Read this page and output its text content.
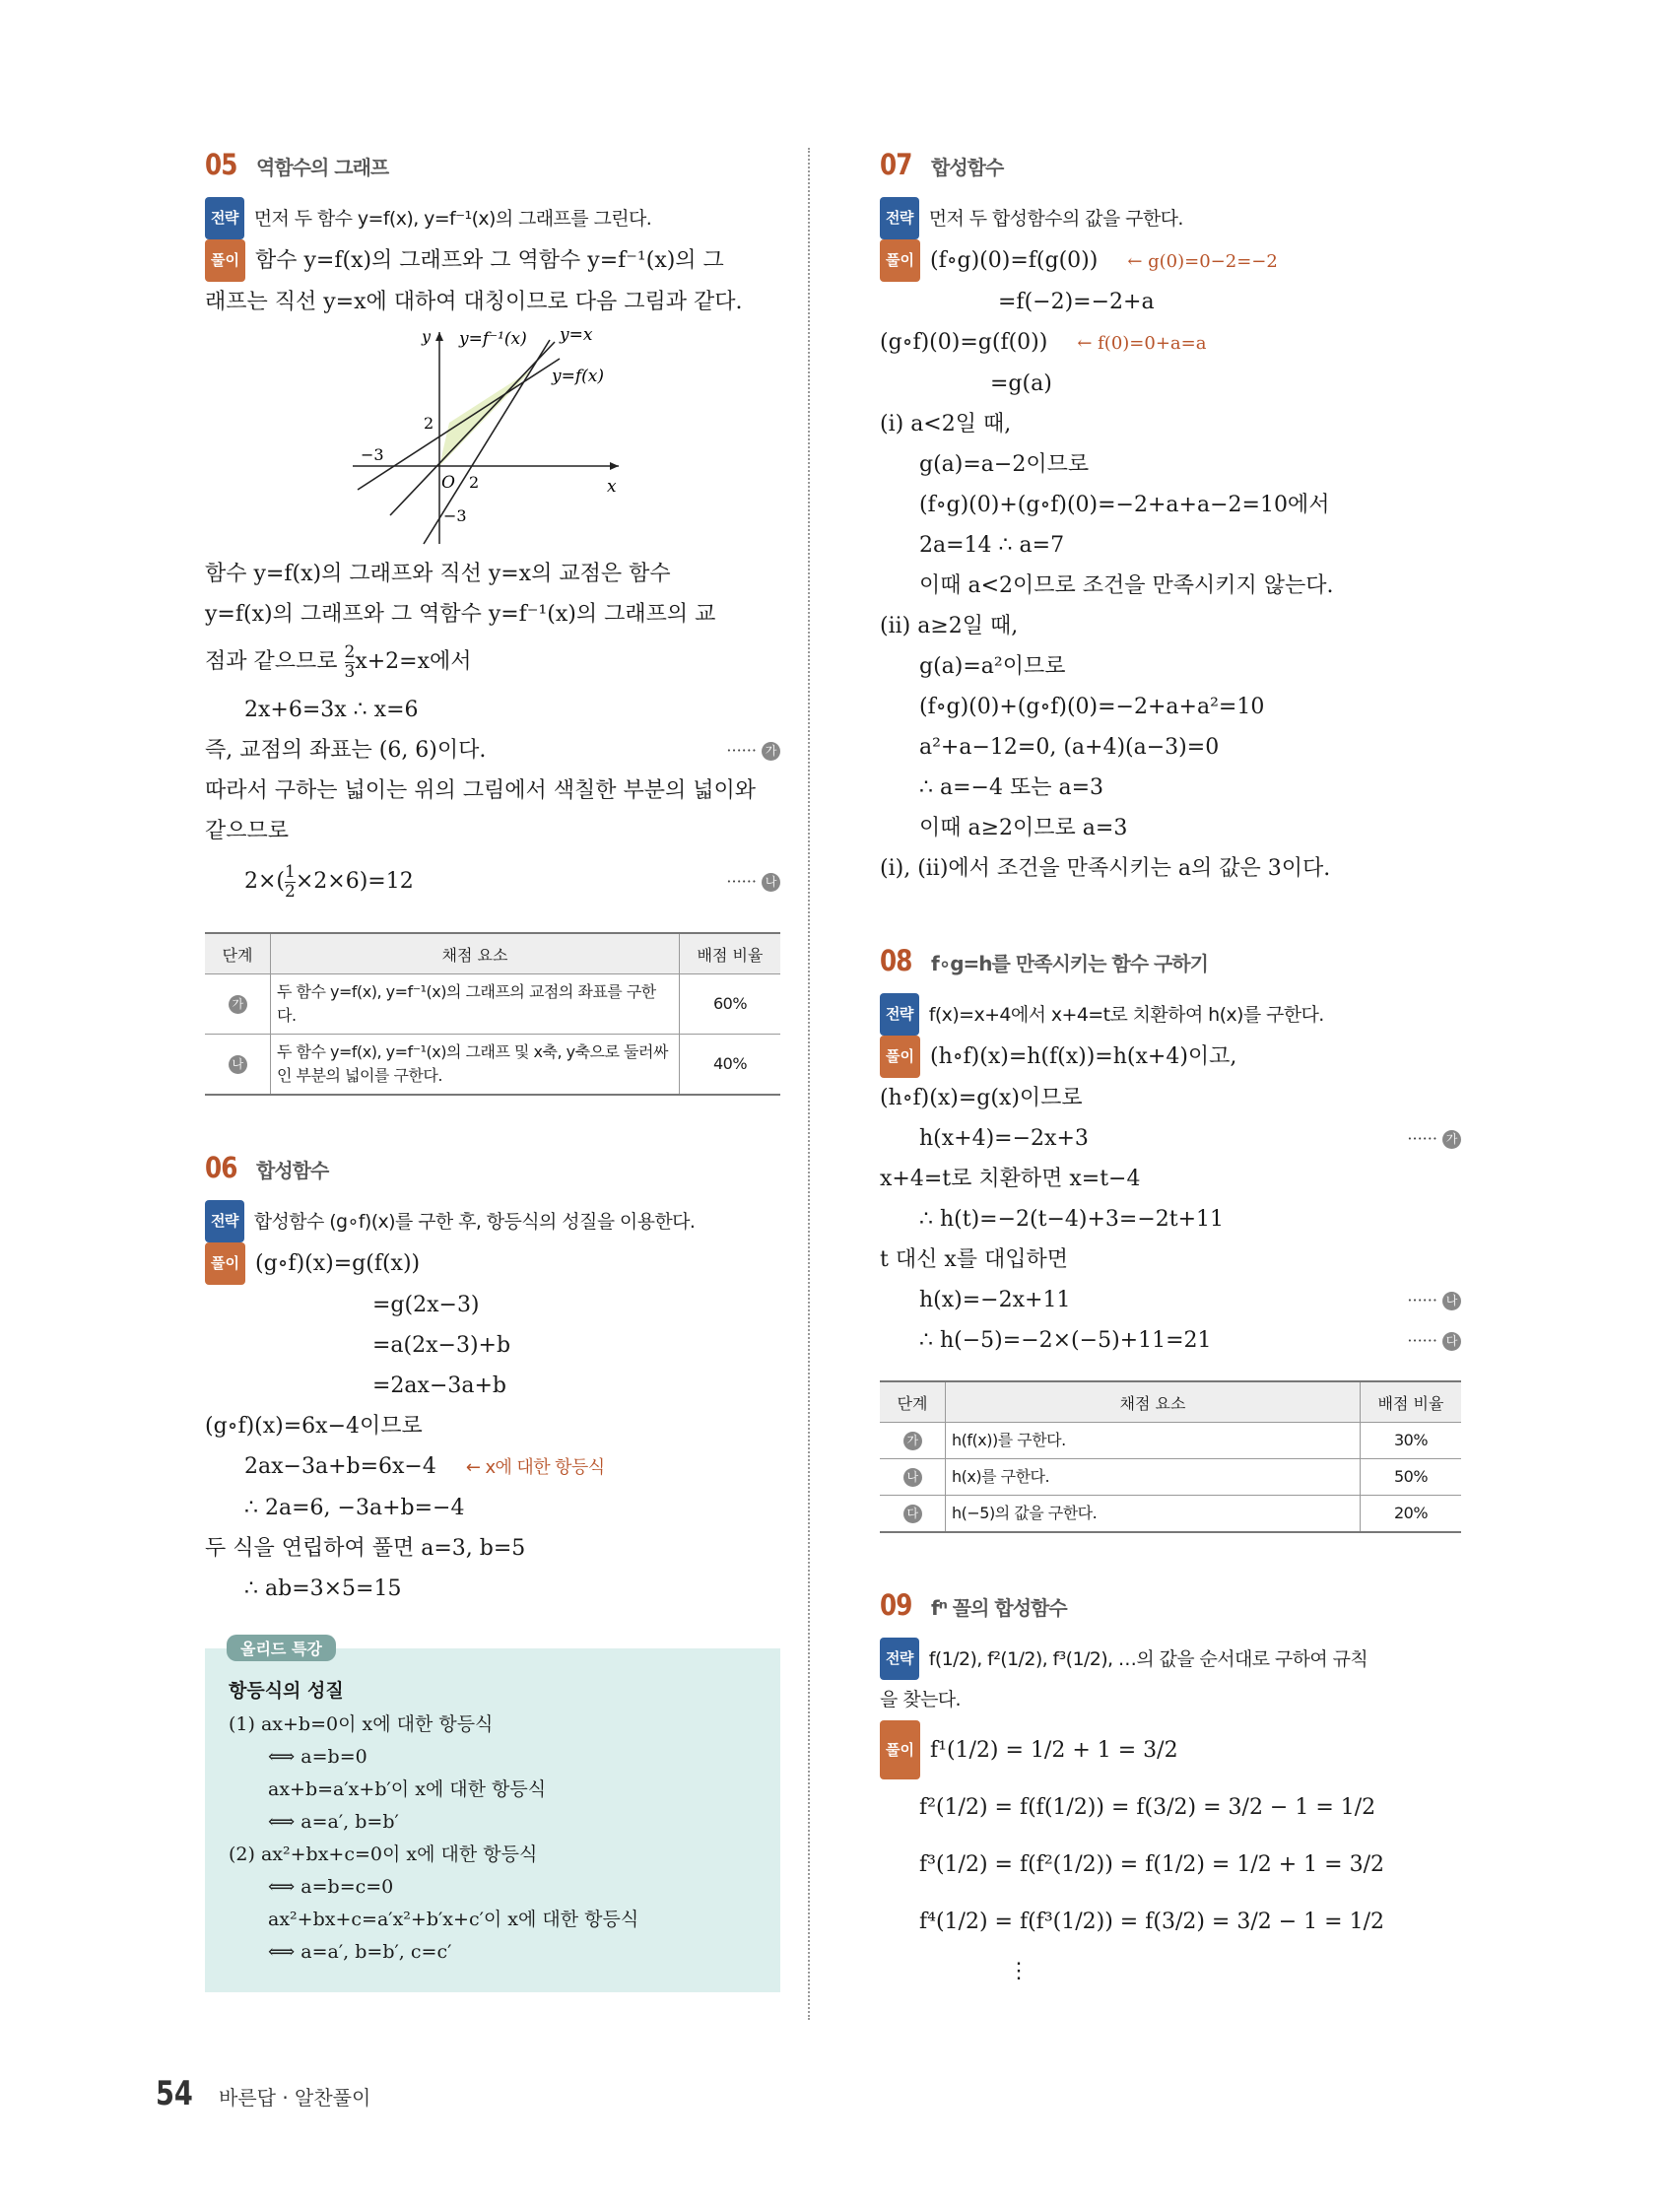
05 역함수의 그래프
전략 먼저 두 함수 y=f(x), y=f⁻¹(x)의 그래프를 그린다.
풀이 함수 y=f(x)의 그래프와 그 역함수 y=f⁻¹(x)의 그
래프는 직선 y=x에 대하여 대칭이므로 다음 그림과 같다.
y
x
O
y=f⁻¹(x) y=x
y=f(x)
2
2
−3
−3
함수 y=f(x)의 그래프와 직선 y=x의 교점은 함수
y=f(x)의 그래프와 그 역함수 y=f⁻¹(x)의 그래프의 교
점과 같으므로 $\frac{2}{3} x+2=x$에서
2x+6=3x ∴ x=6
즉, 교점의 좌표는 (6, 6)이다.	······ 가
따라서 구하는 넓이는 위의 그림에서 색칠한 부분의 넓이와
같으므로
$2\times( \frac{1}{2} \times 2\times 6)=12$	······ 나
단계	채점 요소	배점 비율
가	두 함수 y=f(x), y=f⁻¹(x)의 그래프의 교점의 좌표를 구한다.	60%
나	두 함수 y=f(x), y=f⁻¹(x)의 그래프 및 x축, y축으로 둘러싸인 부분의 넓이를 구한다.	40%
06 합성함수
전략 합성함수 (g∘f)(x)를 구한 후, 항등식의 성질을 이용한다.
풀이 (g∘f)(x)=g(f(x))
=g(2x−3)
=a(2x−3)+b
=2ax−3a+b
(g∘f)(x)=6x−4이므로
2ax−3a+b=6x−4 ← x에 대한 항등식
∴ 2a=6, −3a+b=−4
두 식을 연립하여 풀면 a=3, b=5
∴ ab=3×5=15
올리드 특강
항등식의 성질
(1) ax+b=0이 x에 대한 항등식
⟺ a=b=0
ax+b=a′x+b′이 x에 대한 항등식
⟺ a=a′, b=b′
(2) ax²+bx+c=0이 x에 대한 항등식
⟺ a=b=c=0
ax²+bx+c=a′x²+b′x+c′이 x에 대한 항등식
⟺ a=a′, b=b′, c=c′
07 합성함수
전략 먼저 두 합성함수의 값을 구한다.
풀이 (f∘g)(0)=f(g(0)) ← g(0)=0−2=−2
=f(−2)=−2+a
(g∘f)(0)=g(f(0)) ← f(0)=0+a=a
=g(a)
(i) a<2일 때,
g(a)=a−2이므로
(f∘g)(0)+(g∘f)(0)=−2+a+a−2=10에서
2a=14 ∴ a=7
이때 a<2이므로 조건을 만족시키지 않는다.
(ii) a≥2일 때,
g(a)=a²이므로
(f∘g)(0)+(g∘f)(0)=−2+a+a²=10
a²+a−12=0, (a+4)(a−3)=0
∴ a=−4 또는 a=3
이때 a≥2이므로 a=3
(i), (ii)에서 조건을 만족시키는 a의 값은 3이다.
08 f∘g=h를 만족시키는 함수 구하기
전략 f(x)=x+4에서 x+4=t로 치환하여 h(x)를 구한다.
풀이 (h∘f)(x)=h(f(x))=h(x+4)이고,
(h∘f)(x)=g(x)이므로
h(x+4)=−2x+3	······ 가
x+4=t로 치환하면 x=t−4
∴ h(t)=−2(t−4)+3=−2t+11
t 대신 x를 대입하면
h(x)=−2x+11	······ 나
∴ h(−5)=−2×(−5)+11=21	······ 다
단계	채점 요소	배점 비율
가	h(f(x))를 구한다.	30%
나	h(x)를 구한다.	50%
다	h(−5)의 값을 구한다.	20%
09 fⁿ 꼴의 합성함수
전략 f(1/2), f²(1/2), f³(1/2), …의 값을 순서대로 구하여 규칙
을 찾는다.
풀이 f¹(1/2) = 1/2 + 1 = 3/2
f²(1/2) = f(f(1/2)) = f(3/2) = 3/2 − 1 = 1/2
f³(1/2) = f(f²(1/2)) = f(1/2) = 1/2 + 1 = 3/2
f⁴(1/2) = f(f³(1/2)) = f(3/2) = 3/2 − 1 = 1/2
⋮
54 바른답 · 알찬풀이
